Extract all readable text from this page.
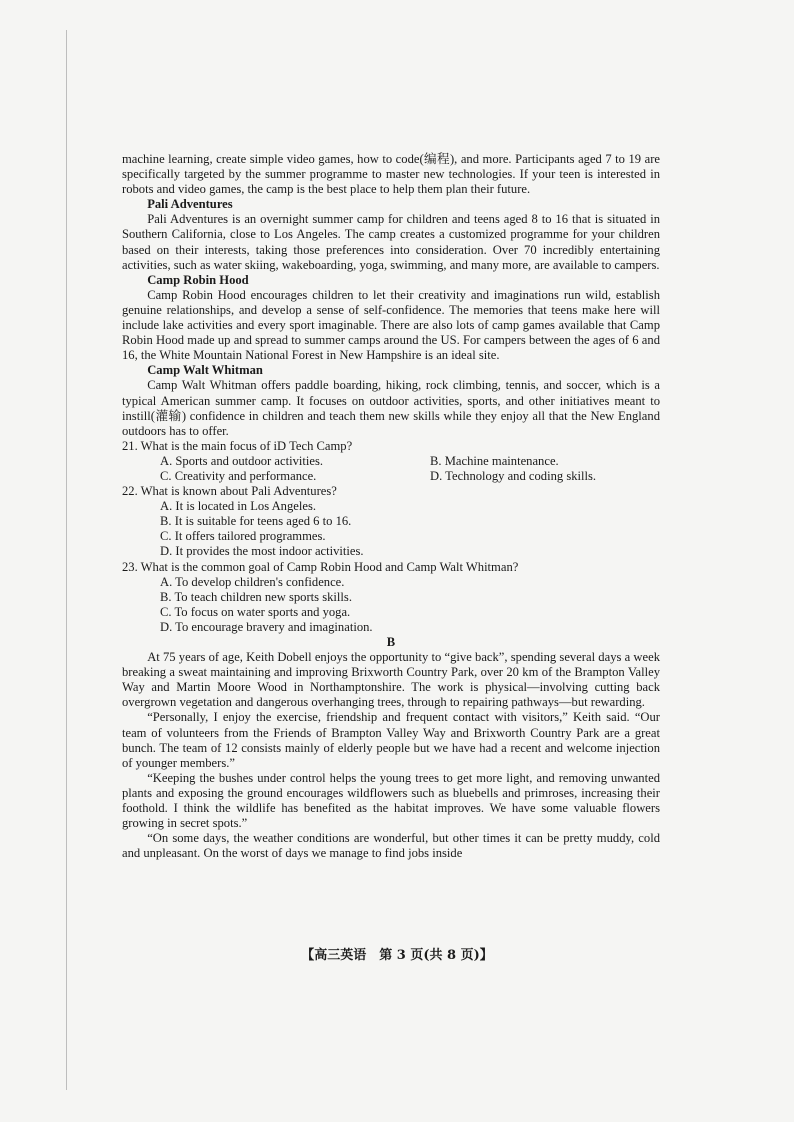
machine learning, create simple video games, how to code(编程), and more. Participants aged 7 to 19 are specifically targeted by the summer programme to master new technologies. If your teen is interested in robots and video games, the camp is the best place to help them plan their future.

Pali Adventures

Pali Adventures is an overnight summer camp for children and teens aged 8 to 16 that is situated in Southern California, close to Los Angeles. The camp creates a customized programme for your children based on their interests, taking those preferences into consideration. Over 70 incredibly entertaining activities, such as water skiing, wakeboarding, yoga, swimming, and many more, are available to campers.

Camp Robin Hood

Camp Robin Hood encourages children to let their creativity and imaginations run wild, establish genuine relationships, and develop a sense of self-confidence. The memories that teens make here will include lake activities and every sport imaginable. There are also lots of camp games available that Camp Robin Hood made up and spread to summer camps around the US. For campers between the ages of 6 and 16, the White Mountain National Forest in New Hampshire is an ideal site.

Camp Walt Whitman

Camp Walt Whitman offers paddle boarding, hiking, rock climbing, tennis, and soccer, which is a typical American summer camp. It focuses on outdoor activities, sports, and other initiatives meant to instill(灌输) confidence in children and teach them new skills while they enjoy all that the New England outdoors has to offer.

21. What is the main focus of iD Tech Camp?

A. Sports and outdoor activities.	B. Machine maintenance.
C. Creativity and performance.	D. Technology and coding skills.

22. What is known about Pali Adventures?

A. It is located in Los Angeles.

B. It is suitable for teens aged 6 to 16.

C. It offers tailored programmes.

D. It provides the most indoor activities.

23. What is the common goal of Camp Robin Hood and Camp Walt Whitman?

A. To develop children's confidence.

B. To teach children new sports skills.

C. To focus on water sports and yoga.

D. To encourage bravery and imagination.

B

At 75 years of age, Keith Dobell enjoys the opportunity to “give back”, spending several days a week breaking a sweat maintaining and improving Brixworth Country Park, over 20 km of the Brampton Valley Way and Martin Moore Wood in Northamptonshire. The work is physical—involving cutting back overgrown vegetation and dangerous overhanging trees, through to repairing pathways—but rewarding.

“Personally, I enjoy the exercise, friendship and frequent contact with visitors,” Keith said. “Our team of volunteers from the Friends of Brampton Valley Way and Brixworth Country Park are a great bunch. The team of 12 consists mainly of elderly people but we have had a recent and welcome injection of younger members.”

“Keeping the bushes under control helps the young trees to get more light, and removing unwanted plants and exposing the ground encourages wildflowers such as bluebells and primroses, increasing their foothold. I think the wildlife has benefited as the habitat improves. We have some valuable flowers growing in secret spots.”

“On some days, the weather conditions are wonderful, but other times it can be pretty muddy, cold and unpleasant. On the worst of days we manage to find jobs inside

【高三英语　第 3 页(共 8 页)】
